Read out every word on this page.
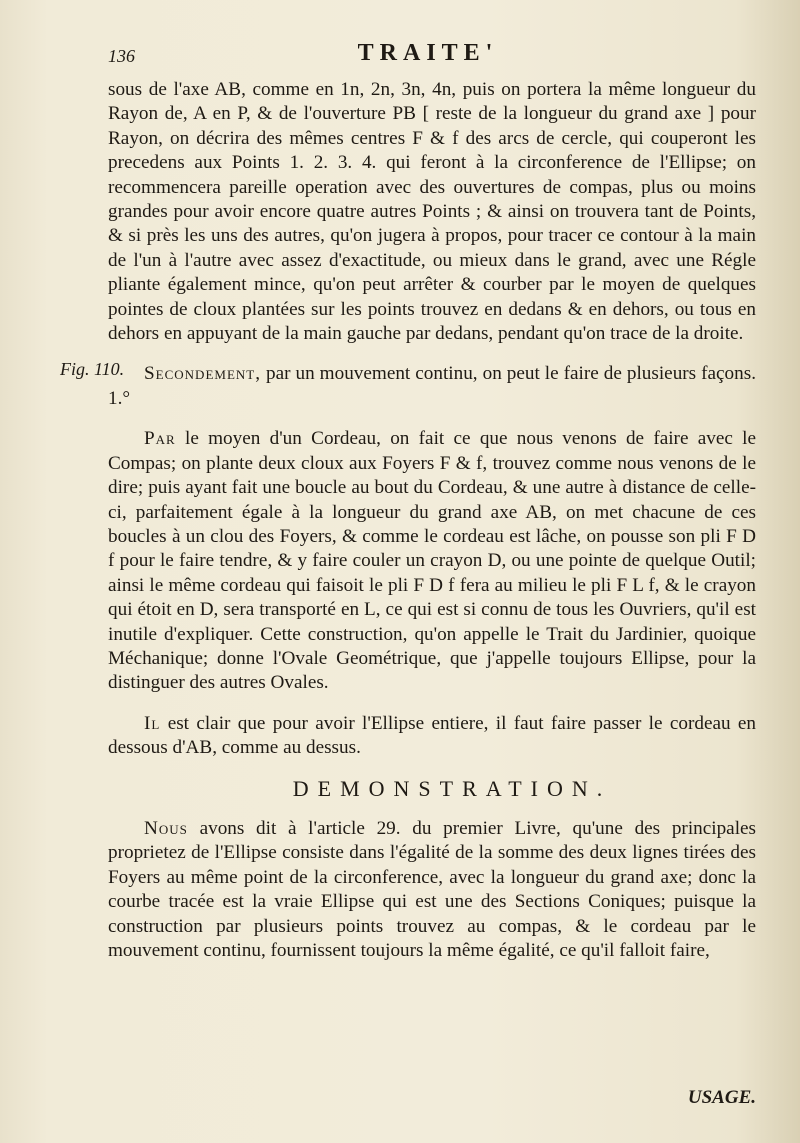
136	TRAITE'
Fig. 110.

sous de l'axe AB, comme en 1n, 2n, 3n, 4n, puis on portera la même longueur du Rayon de, A en P, & de l'ouverture PB [ reste de la longueur du grand axe ] pour Rayon, on décrira des mêmes centres F & f des arcs de cercle, qui couperont les precedens aux Points 1. 2. 3. 4. qui feront à la circonference de l'Ellipse; on recommencera pareille operation avec des ouvertures de compas, plus ou moins grandes pour avoir encore quatre autres Points ; & ainsi on trouvera tant de Points, & si près les uns des autres, qu'on jugera à propos, pour tracer ce contour à la main de l'un à l'autre avec assez d'exactitude, ou mieux dans le grand, avec une Régle pliante également mince, qu'on peut arrêter & courber par le moyen de quelques pointes de cloux plantées sur les points trouvez en dedans & en dehors, ou tous en dehors en appuyant de la main gauche par dedans, pendant qu'on trace de la droite.

Secondement, par un mouvement continu, on peut le faire de plusieurs façons. 1.°

Par le moyen d'un Cordeau, on fait ce que nous venons de faire avec le Compas; on plante deux cloux aux Foyers F & f, trouvez comme nous venons de le dire; puis ayant fait une boucle au bout du Cordeau, & une autre à distance de celle-ci, parfaitement égale à la longueur du grand axe AB, on met chacune de ces boucles à un clou des Foyers, & comme le cordeau est lâche, on pousse son pli F D f pour le faire tendre, & y faire couler un crayon D, ou une pointe de quelque Outil; ainsi le même cordeau qui faisoit le pli F D f fera au milieu le pli F L f, & le crayon qui étoit en D, sera transporté en L, ce qui est si connu de tous les Ouvriers, qu'il est inutile d'expliquer. Cette construction, qu'on appelle le Trait du Jardinier, quoique Méchanique; donne l'Ovale Geométrique, que j'appelle toujours Ellipse, pour la distinguer des autres Ovales.

Il est clair que pour avoir l'Ellipse entiere, il faut faire passer le cordeau en dessous d'AB, comme au dessus.

DEMONSTRATION.

Nous avons dit à l'article 29. du premier Livre, qu'une des principales proprietez de l'Ellipse consiste dans l'égalité de la somme des deux lignes tirées des Foyers au même point de la circonference, avec la longueur du grand axe; donc la courbe tracée est la vraie Ellipse qui est une des Sections Coniques; puisque la construction par plusieurs points trouvez au compas, & le cordeau par le mouvement continu, fournissent toujours la même égalité, ce qu'il falloit faire,

USAGE.
